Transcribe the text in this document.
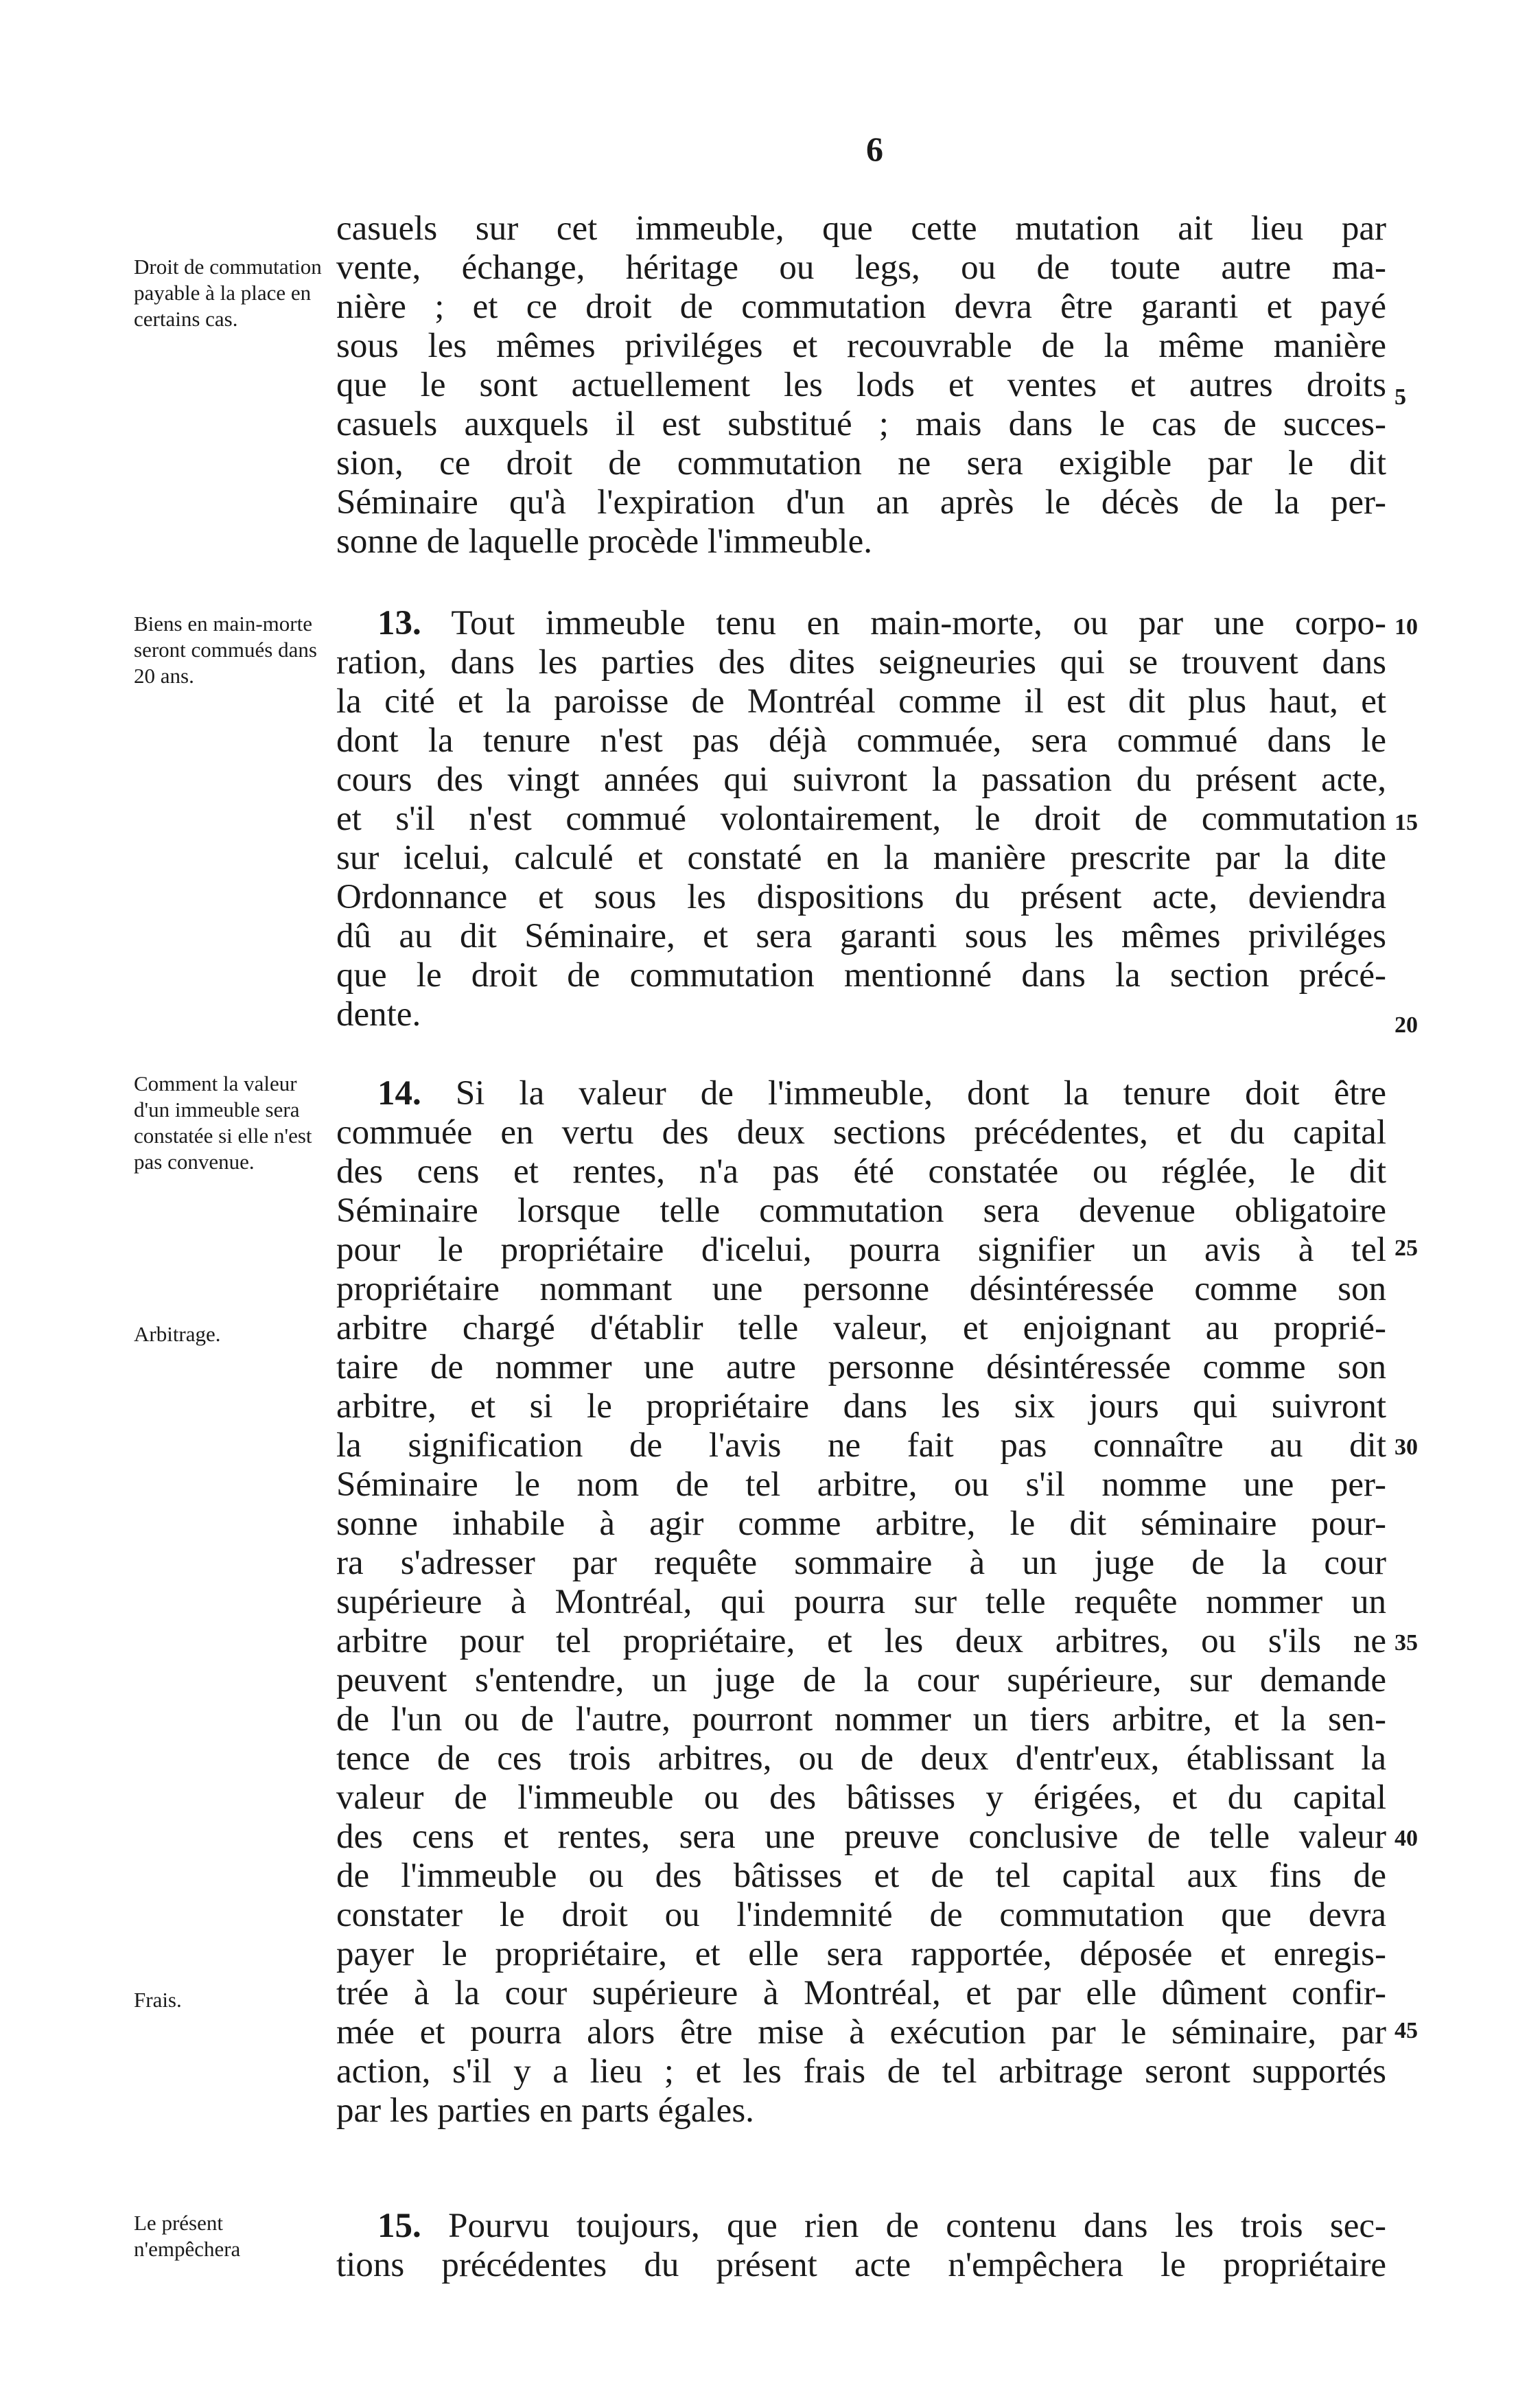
6
Droit de commutation payable à la place en certains cas.
Biens en main-morte seront commués dans 20 ans.
Comment la valeur d'un immeuble sera constatée si elle n'est pas convenue.
Arbitrage.
Frais.
Le présent n'empêchera
casuels sur cet immeuble, que cette mutation ait lieu par
vente, échange, héritage ou legs, ou de toute autre ma-
nière ; et ce droit de commutation devra être garanti et payé
sous les mêmes priviléges et recouvrable de la même manière
que le sont actuellement les lods et ventes et autres droits
casuels auxquels il est substitué ; mais dans le cas de succes-
sion, ce droit de commutation ne sera exigible par le dit
Séminaire qu'à l'expiration d'un an après le décès de la per-
sonne de laquelle procède l'immeuble.
13. Tout immeuble tenu en main-morte, ou par une corpo-
ration, dans les parties des dites seigneuries qui se trouvent dans
la cité et la paroisse de Montréal comme il est dit plus haut, et
dont la tenure n'est pas déjà commuée, sera commué dans le
cours des vingt années qui suivront la passation du présent acte,
et s'il n'est commué volontairement, le droit de commutation
sur icelui, calculé et constaté en la manière prescrite par la dite
Ordonnance et sous les dispositions du présent acte, deviendra
dû au dit Séminaire, et sera garanti sous les mêmes priviléges
que le droit de commutation mentionné dans la section précé-
dente.
14. Si la valeur de l'immeuble, dont la tenure doit être
commuée en vertu des deux sections précédentes, et du capital
des cens et rentes, n'a pas été constatée ou réglée, le dit
Séminaire lorsque telle commutation sera devenue obligatoire
pour le propriétaire d'icelui, pourra signifier un avis à tel
propriétaire nommant une personne désintéressée comme son
arbitre chargé d'établir telle valeur, et enjoignant au proprié-
taire de nommer une autre personne désintéressée comme son
arbitre, et si le propriétaire dans les six jours qui suivront
la signification de l'avis ne fait pas connaître au dit
Séminaire le nom de tel arbitre, ou s'il nomme une per-
sonne inhabile à agir comme arbitre, le dit séminaire pour-
ra s'adresser par requête sommaire à un juge de la cour
supérieure à Montréal, qui pourra sur telle requête nommer un
arbitre pour tel propriétaire, et les deux arbitres, ou s'ils ne
peuvent s'entendre, un juge de la cour supérieure, sur demande
de l'un ou de l'autre, pourront nommer un tiers arbitre, et la sen-
tence de ces trois arbitres, ou de deux d'entr'eux, établissant la
valeur de l'immeuble ou des bâtisses y érigées, et du capital
des cens et rentes, sera une preuve conclusive de telle valeur
de l'immeuble ou des bâtisses et de tel capital aux fins de
constater le droit ou l'indemnité de commutation que devra
payer le propriétaire, et elle sera rapportée, déposée et enregis-
trée à la cour supérieure à Montréal, et par elle dûment confir-
mée et pourra alors être mise à exécution par le séminaire, par
action, s'il y a lieu ; et les frais de tel arbitrage seront supportés
par les parties en parts égales.
15. Pourvu toujours, que rien de contenu dans les trois sec-
tions précédentes du présent acte n'empêchera le propriétaire
5
10
15
20
25
30
35
40
45
